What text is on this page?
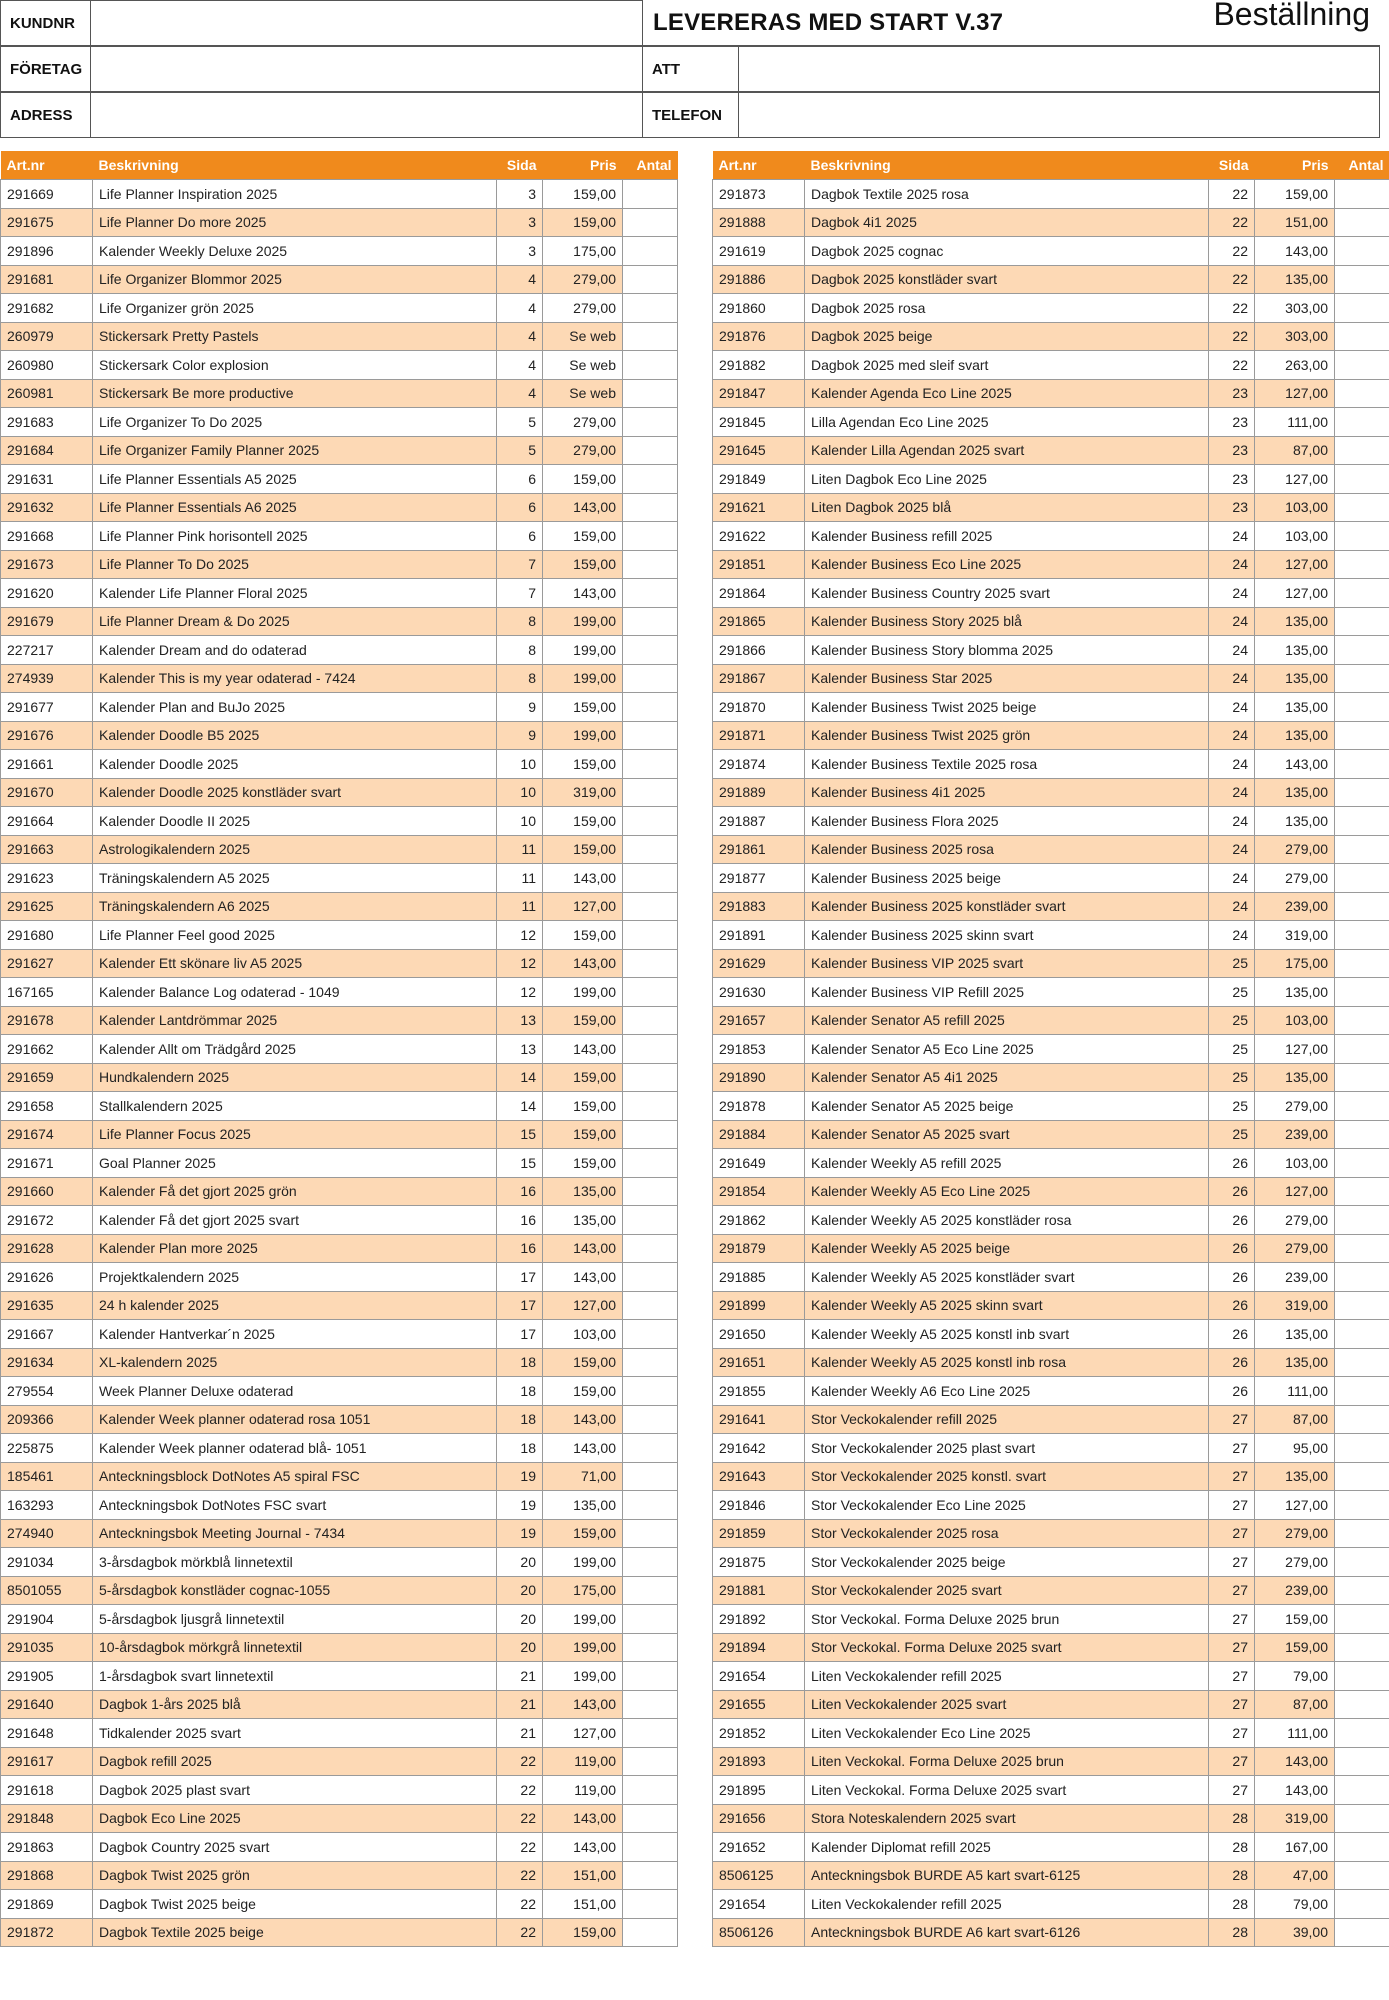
KUNDNR	LEVERERAS MED START V.37	Beställning
FÖRETAG	ATT
ADRESS	TELEFON
Art.nr	Beskrivning	Sida	Pris	Antal
291669	Life Planner Inspiration 2025	3	159,00	
291675	Life Planner Do more 2025	3	159,00	
291896	Kalender Weekly Deluxe 2025	3	175,00	
291681	Life Organizer Blommor 2025	4	279,00	
291682	Life Organizer grön 2025	4	279,00	
260979	Stickersark Pretty Pastels	4	Se web	
260980	Stickersark Color explosion	4	Se web	
260981	Stickersark Be more productive	4	Se web	
291683	Life Organizer To Do 2025	5	279,00	
291684	Life Organizer Family Planner 2025	5	279,00	
291631	Life Planner Essentials A5 2025	6	159,00	
291632	Life Planner Essentials A6 2025	6	143,00	
291668	Life Planner Pink horisontell 2025	6	159,00	
291673	Life Planner To Do 2025	7	159,00	
291620	Kalender Life Planner Floral 2025	7	143,00	
291679	Life Planner Dream & Do 2025	8	199,00	
227217	Kalender Dream and do odaterad	8	199,00	
274939	Kalender This is my year odaterad - 7424	8	199,00	
291677	Kalender Plan and BuJo 2025	9	159,00	
291676	Kalender Doodle B5 2025	9	199,00	
291661	Kalender Doodle 2025	10	159,00	
291670	Kalender Doodle 2025 konstläder svart	10	319,00	
291664	Kalender Doodle II 2025	10	159,00	
291663	Astrologikalendern 2025	11	159,00	
291623	Träningskalendern A5 2025	11	143,00	
291625	Träningskalendern A6 2025	11	127,00	
291680	Life Planner Feel good 2025	12	159,00	
291627	Kalender Ett skönare liv A5 2025	12	143,00	
167165	Kalender Balance Log odaterad - 1049	12	199,00	
291678	Kalender Lantdrömmar 2025	13	159,00	
291662	Kalender Allt om Trädgård 2025	13	143,00	
291659	Hundkalendern 2025	14	159,00	
291658	Stallkalendern 2025	14	159,00	
291674	Life Planner Focus 2025	15	159,00	
291671	Goal Planner 2025	15	159,00	
291660	Kalender Få det gjort 2025 grön	16	135,00	
291672	Kalender Få det gjort 2025 svart	16	135,00	
291628	Kalender Plan more 2025	16	143,00	
291626	Projektkalendern 2025	17	143,00	
291635	24 h kalender 2025	17	127,00	
291667	Kalender Hantverkar´n 2025	17	103,00	
291634	XL-kalendern 2025	18	159,00	
279554	Week Planner Deluxe odaterad	18	159,00	
209366	Kalender Week planner odaterad rosa 1051	18	143,00	
225875	Kalender Week planner odaterad blå- 1051	18	143,00	
185461	Anteckningsblock DotNotes A5 spiral FSC	19	71,00	
163293	Anteckningsbok DotNotes FSC svart	19	135,00	
274940	Anteckningsbok Meeting Journal - 7434	19	159,00	
291034	3-årsdagbok mörkblå linnetextil	20	199,00	
8501055	5-årsdagbok konstläder cognac-1055	20	175,00	
291904	5-årsdagbok ljusgrå linnetextil	20	199,00	
291035	10-årsdagbok mörkgrå linnetextil	20	199,00	
291905	1-årsdagbok svart linnetextil	21	199,00	
291640	Dagbok 1-års 2025 blå	21	143,00	
291648	Tidkalender 2025 svart	21	127,00	
291617	Dagbok refill 2025	22	119,00	
291618	Dagbok 2025 plast svart	22	119,00	
291848	Dagbok Eco Line 2025	22	143,00	
291863	Dagbok Country 2025 svart	22	143,00	
291868	Dagbok Twist 2025 grön	22	151,00	
291869	Dagbok Twist 2025 beige	22	151,00	
291872	Dagbok Textile 2025 beige	22	159,00	
Art.nr	Beskrivning	Sida	Pris	Antal
291873	Dagbok Textile 2025 rosa	22	159,00	
291888	Dagbok 4i1 2025	22	151,00	
291619	Dagbok 2025 cognac	22	143,00	
291886	Dagbok 2025 konstläder svart	22	135,00	
291860	Dagbok 2025 rosa	22	303,00	
291876	Dagbok 2025 beige	22	303,00	
291882	Dagbok 2025 med sleif svart	22	263,00	
291847	Kalender Agenda Eco Line 2025	23	127,00	
291845	Lilla Agendan Eco Line 2025	23	111,00	
291645	Kalender Lilla Agendan 2025 svart	23	87,00	
291849	Liten Dagbok Eco Line 2025	23	127,00	
291621	Liten Dagbok 2025 blå	23	103,00	
291622	Kalender Business refill 2025	24	103,00	
291851	Kalender Business Eco Line 2025	24	127,00	
291864	Kalender Business Country 2025 svart	24	127,00	
291865	Kalender Business Story 2025 blå	24	135,00	
291866	Kalender Business Story blomma 2025	24	135,00	
291867	Kalender Business Star 2025	24	135,00	
291870	Kalender Business Twist 2025 beige	24	135,00	
291871	Kalender Business Twist 2025 grön	24	135,00	
291874	Kalender Business Textile 2025 rosa	24	143,00	
291889	Kalender Business 4i1 2025	24	135,00	
291887	Kalender Business Flora 2025	24	135,00	
291861	Kalender Business 2025 rosa	24	279,00	
291877	Kalender Business 2025 beige	24	279,00	
291883	Kalender Business 2025 konstläder svart	24	239,00	
291891	Kalender Business 2025 skinn svart	24	319,00	
291629	Kalender Business VIP 2025 svart	25	175,00	
291630	Kalender Business VIP Refill 2025	25	135,00	
291657	Kalender Senator A5 refill 2025	25	103,00	
291853	Kalender Senator A5 Eco Line 2025	25	127,00	
291890	Kalender Senator A5 4i1 2025	25	135,00	
291878	Kalender Senator A5 2025 beige	25	279,00	
291884	Kalender Senator A5 2025 svart	25	239,00	
291649	Kalender Weekly A5 refill 2025	26	103,00	
291854	Kalender Weekly A5 Eco Line 2025	26	127,00	
291862	Kalender Weekly A5 2025 konstläder rosa	26	279,00	
291879	Kalender Weekly A5 2025 beige	26	279,00	
291885	Kalender Weekly A5 2025 konstläder svart	26	239,00	
291899	Kalender Weekly A5 2025 skinn svart	26	319,00	
291650	Kalender Weekly A5 2025 konstl inb svart	26	135,00	
291651	Kalender Weekly A5 2025 konstl inb rosa	26	135,00	
291855	Kalender Weekly A6 Eco Line 2025	26	111,00	
291641	Stor Veckokalender refill 2025	27	87,00	
291642	Stor Veckokalender 2025 plast svart	27	95,00	
291643	Stor Veckokalender 2025 konstl. svart	27	135,00	
291846	Stor Veckokalender Eco Line 2025	27	127,00	
291859	Stor Veckokalender 2025 rosa	27	279,00	
291875	Stor Veckokalender 2025 beige	27	279,00	
291881	Stor Veckokalender 2025 svart	27	239,00	
291892	Stor Veckokal. Forma Deluxe 2025 brun	27	159,00	
291894	Stor Veckokal. Forma Deluxe 2025 svart	27	159,00	
291654	Liten Veckokalender refill 2025	27	79,00	
291655	Liten Veckokalender 2025 svart	27	87,00	
291852	Liten Veckokalender Eco Line 2025	27	111,00	
291893	Liten Veckokal. Forma Deluxe 2025 brun	27	143,00	
291895	Liten Veckokal. Forma Deluxe 2025 svart	27	143,00	
291656	Stora Noteskalendern 2025 svart	28	319,00	
291652	Kalender Diplomat refill 2025	28	167,00	
8506125	Anteckningsbok BURDE A5 kart svart-6125	28	47,00	
291654	Liten Veckokalender refill 2025	28	79,00	
8506126	Anteckningsbok BURDE A6 kart svart-6126	28	39,00	
